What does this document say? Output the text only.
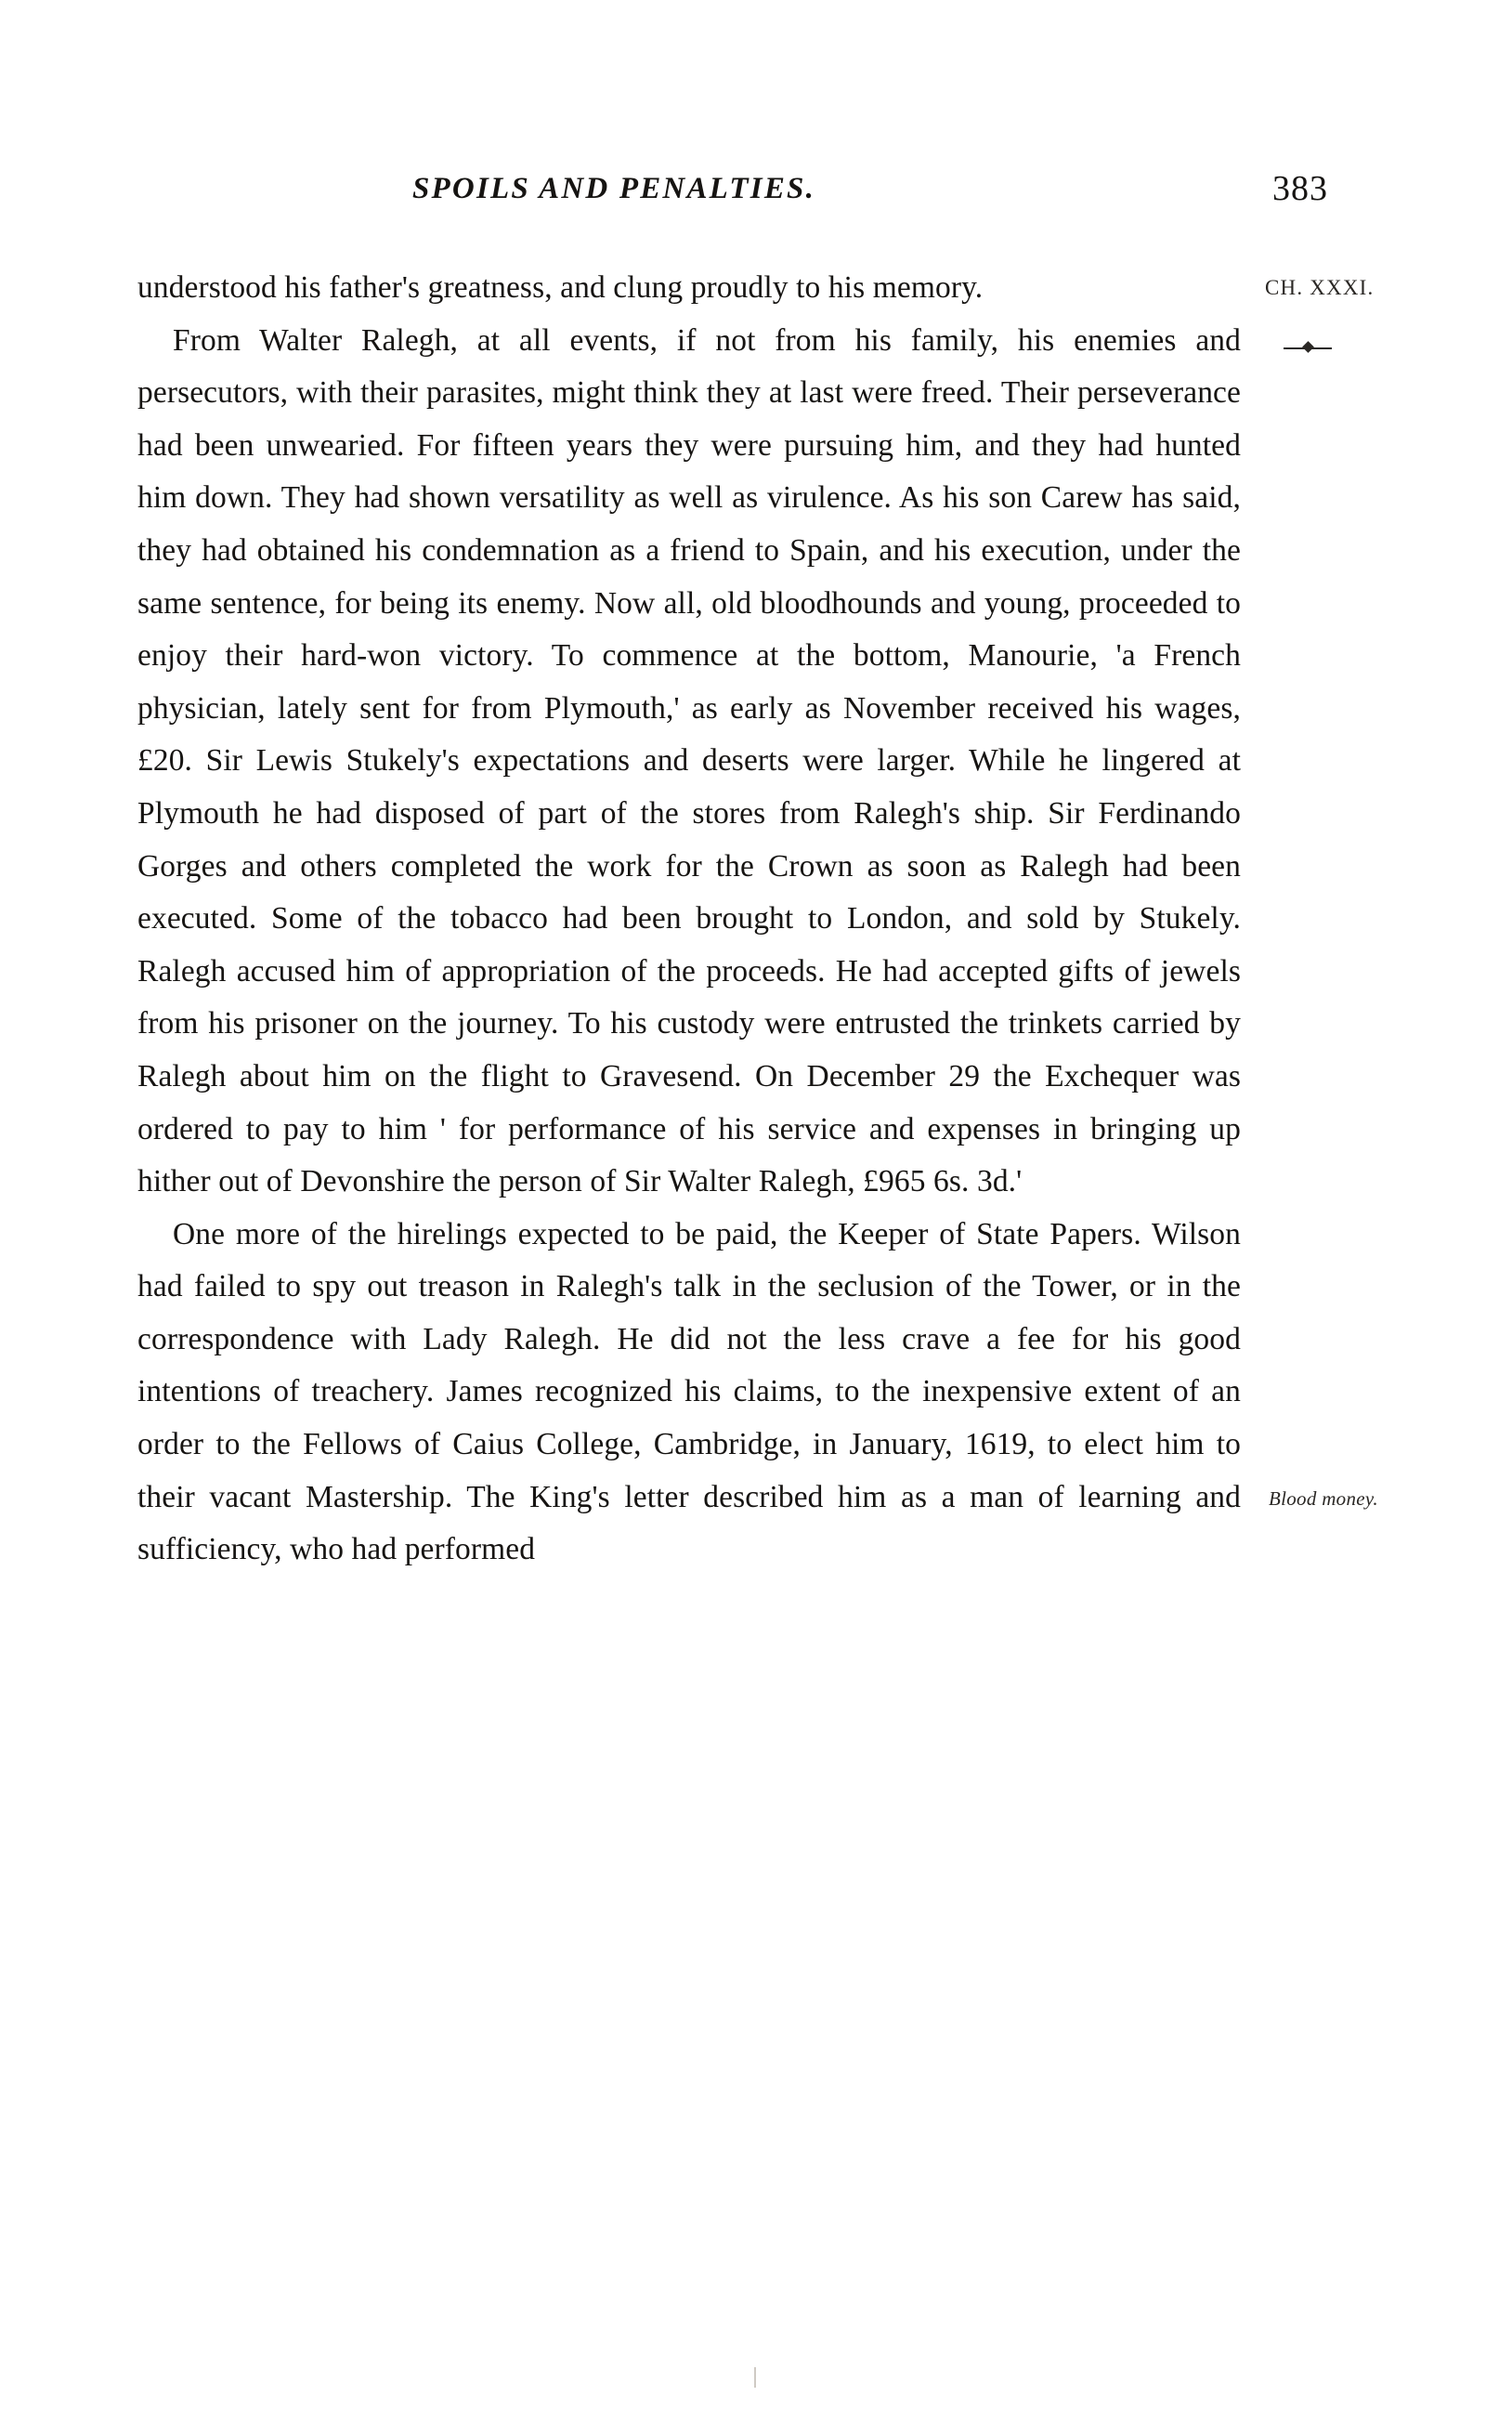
SPOILS AND PENALTIES.	383
CH. XXXI.
Blood money.

understood his father's greatness, and clung proudly to his memory.

From Walter Ralegh, at all events, if not from his family, his enemies and persecutors, with their parasites, might think they at last were freed. Their perseverance had been unwearied. For fifteen years they were pursuing him, and they had hunted him down. They had shown versatility as well as virulence. As his son Carew has said, they had obtained his condemnation as a friend to Spain, and his execution, under the same sentence, for being its enemy. Now all, old bloodhounds and young, proceeded to enjoy their hard-won victory. To commence at the bottom, Manourie, 'a French physician, lately sent for from Plymouth,' as early as November received his wages, £20. Sir Lewis Stukely's expectations and deserts were larger. While he lingered at Plymouth he had disposed of part of the stores from Ralegh's ship. Sir Ferdinando Gorges and others completed the work for the Crown as soon as Ralegh had been executed. Some of the tobacco had been brought to London, and sold by Stukely. Ralegh accused him of appropriation of the proceeds. He had accepted gifts of jewels from his prisoner on the journey. To his custody were entrusted the trinkets carried by Ralegh about him on the flight to Gravesend. On December 29 the Exchequer was ordered to pay to him ' for performance of his service and expenses in bringing up hither out of Devonshire the person of Sir Walter Ralegh, £965 6s. 3d.'

One more of the hirelings expected to be paid, the Keeper of State Papers. Wilson had failed to spy out treason in Ralegh's talk in the seclusion of the Tower, or in the correspondence with Lady Ralegh. He did not the less crave a fee for his good intentions of treachery. James recognized his claims, to the inexpensive extent of an order to the Fellows of Caius College, Cambridge, in January, 1619, to elect him to their vacant Mastership. The King's letter described him as a man of learning and sufficiency, who had performed
